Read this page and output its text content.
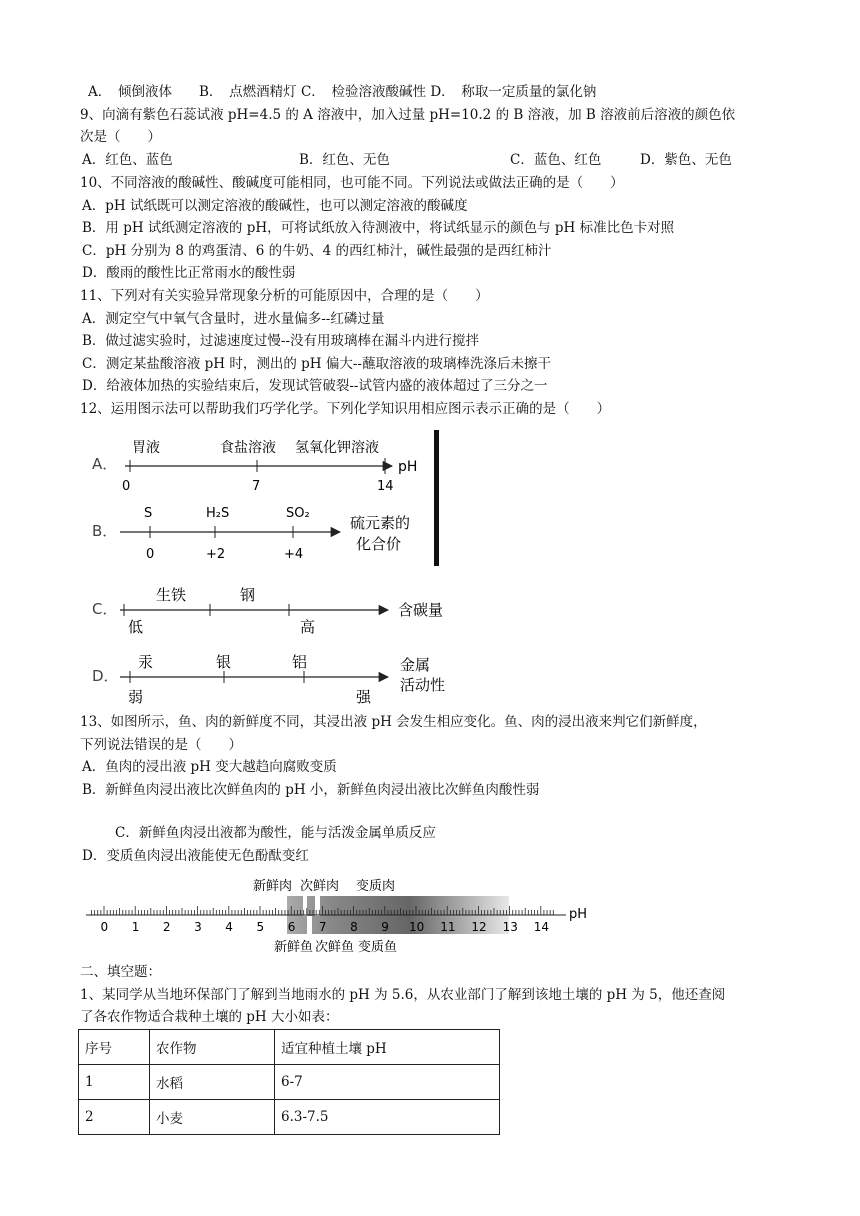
A．　倾倒液体　　B．　点燃酒精灯 C．　检验溶液酸碱性 D．　称取一定质量的氯化钠
9、向滴有紫色石蕊试液 pH=4.5 的 A 溶液中，加入过量 pH=10.2 的 B 溶液，加 B 溶液前后溶液的颜色依
次是（　　）
A．红色、蓝色	B．红色、无色	C．蓝色、红色	D．紫色、无色
10、不同溶液的酸碱性、酸碱度可能相同，也可能不同。下列说法或做法正确的是（　　）
A．pH 试纸既可以测定溶液的酸碱性，也可以测定溶液的酸碱度
B．用 pH 试纸测定溶液的 pH，可将试纸放入待测液中，将试纸显示的颜色与 pH 标准比色卡对照
C．pH 分别为 8 的鸡蛋清、6 的牛奶、4 的西红柿汁，碱性最强的是西红柿汁
D．酸雨的酸性比正常雨水的酸性弱
11、下列对有关实验异常现象分析的可能原因中，合理的是（　　）
A．测定空气中氧气含量时，进水量偏多--红磷过量
B．做过滤实验时，过滤速度过慢--没有用玻璃棒在漏斗内进行搅拌
C．测定某盐酸溶液 pH 时，测出的 pH 偏大--蘸取溶液的玻璃棒洗涤后未擦干
D．给液体加热的实验结束后，发现试管破裂--试管内盛的液体超过了三分之一
12、运用图示法可以帮助我们巧学化学。下列化学知识用相应图示表示正确的是（　　）
A．
胃液	食盐溶液 氢氧化钾溶液
pH
0	7	14
B．
S	H₂S	SO₂
0	+2	+4
硫元素的
化合价
C．
生铁	钢
低	高
含碳量
D．
汞	银	铝
弱	强
金属
活动性
0 1 2 3 4 5 6 7 8 9 10 11 12 13 14
pH
新鲜肉 次鲜肉 变质肉
新鲜鱼 次鲜鱼 变质鱼
13、如图所示，鱼、肉的新鲜度不同，其浸出液 pH 会发生相应变化。鱼、肉的浸出液来判它们新鲜度，
下列说法错误的是（　　）
A．鱼肉的浸出液 pH 变大越趋向腐败变质
B．新鲜鱼肉浸出液比次鲜鱼肉的 pH 小，新鲜鱼肉浸出液比次鲜鱼肉酸性弱
C．新鲜鱼肉浸出液都为酸性，能与活泼金属单质反应
D．变质鱼肉浸出液能使无色酚酞变红
二、填空题：
1、某同学从当地环保部门了解到当地雨水的 pH 为 5.6，从农业部门了解到该地土壤的 pH 为 5，他还查阅
了各农作物适合栽种土壤的 pH 大小如表：
序号	农作物	适宜种植土壤 pH
1	水稻	6-7
2	小麦	6.3-7.5
